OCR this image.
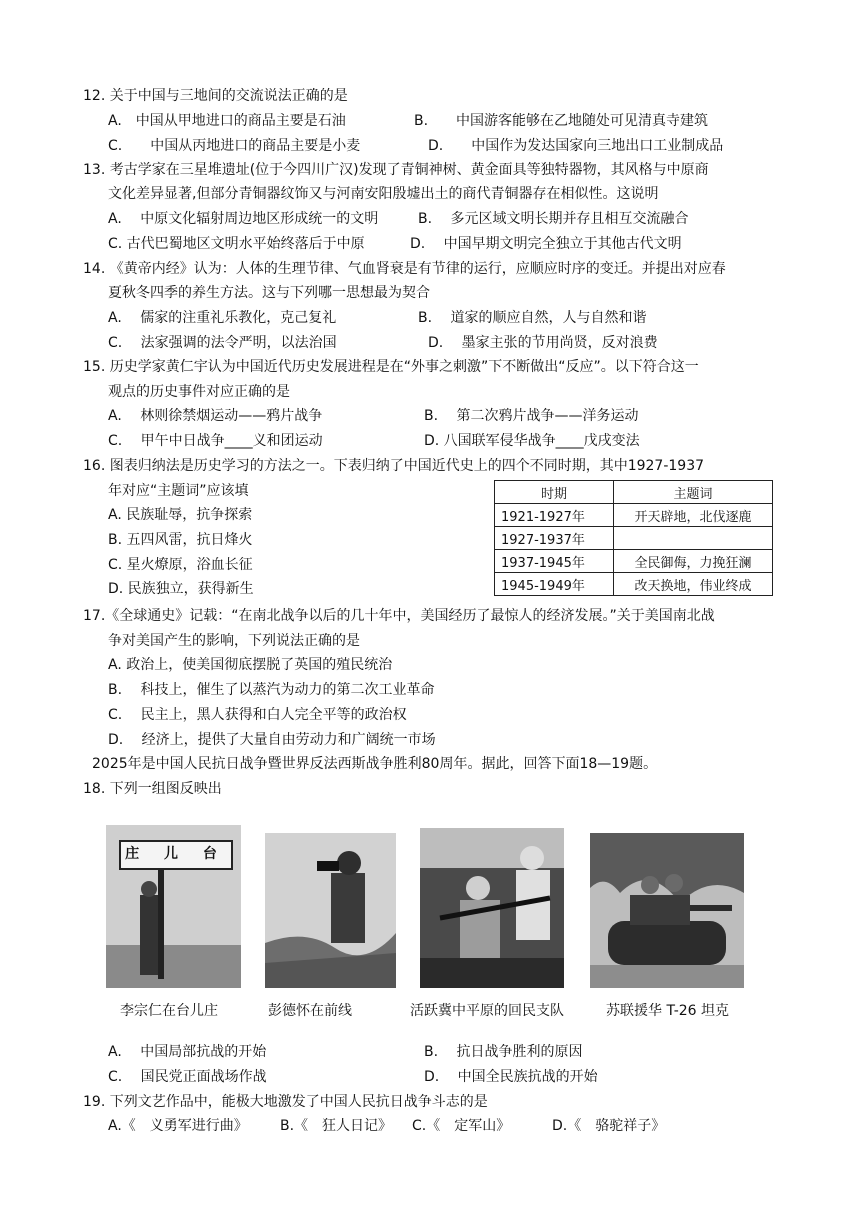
12. 关于中国与三地间的交流说法正确的是
A.　中国从甲地进口的商品主要是石油	B.　　中国游客能够在乙地随处可见清真寺建筑
C.　　中国从丙地进口的商品主要是小麦	D.　　中国作为发达国家向三地出口工业制成品
13. 考古学家在三星堆遗址(位于今四川广汉)发现了青铜神树、黄金面具等独特器物，其风格与中原商
文化差异显著,但部分青铜器纹饰又与河南安阳殷墟出土的商代青铜器存在相似性。这说明
A.　 中原文化辐射周边地区形成统一的文明	B.　 多元区域文明长期并存且相互交流融合
C. 古代巴蜀地区文明水平始终落后于中原	D.　 中国早期文明完全独立于其他古代文明
14. 《黄帝内经》认为：人体的生理节律、气血肾衰是有节律的运行，应顺应时序的变迁。并提出对应春
夏秋冬四季的养生方法。这与下列哪一思想最为契合
A.　 儒家的注重礼乐教化，克己复礼	B.　 道家的顺应自然，人与自然和谐
C.　 法家强调的法令严明，以法治国	D.　 墨家主张的节用尚贤，反对浪费
15. 历史学家黄仁宇认为中国近代历史发展进程是在“外事之刺激”下不断做出“反应”。以下符合这一
观点的历史事件对应正确的是
A.　 林则徐禁烟运动——鸦片战争	B.　 第二次鸦片战争——洋务运动
C.　 甲午中日战争____义和团运动	D. 八国联军侵华战争____戊戌变法
16. 图表归纳法是历史学习的方法之一。下表归纳了中国近代史上的四个不同时期，其中1927-1937
年对应“主题词”应该填
A. 民族耻辱，抗争探索
B. 五四风雷，抗日烽火
C. 星火燎原，浴血长征
D. 民族独立，获得新生
时期	主题词
1921-1927年	开天辟地，北伐逐鹿
1927-1937年	
1937-1945年	全民御侮，力挽狂澜
1945-1949年	改天换地，伟业终成
17.《全球通史》记载：“在南北战争以后的几十年中，美国经历了最惊人的经济发展。”关于美国南北战
争对美国产生的影响，下列说法正确的是
A. 政治上，使美国彻底摆脱了英国的殖民统治
B.　 科技上，催生了以蒸汽为动力的第二次工业革命
C.　 民主上，黑人获得和白人完全平等的政治权
D.　 经济上，提供了大量自由劳动力和广阔统一市场
2025年是中国人民抗日战争暨世界反法西斯战争胜利80周年。据此，回答下面18—19题。
18. 下列一组图反映出
庄 儿 台
李宗仁在台儿庄	彭德怀在前线	活跃冀中平原的回民支队	苏联援华 T-26 坦克
A.　 中国局部抗战的开始	B.　 抗日战争胜利的原因
C.　 国民党正面战场作战	D.　 中国全民族抗战的开始
19. 下列文艺作品中，能极大地激发了中国人民抗日战争斗志的是
A.《　义勇军进行曲》 B.《　狂人日记》 C.《　定军山》	D.《　骆驼祥子》
